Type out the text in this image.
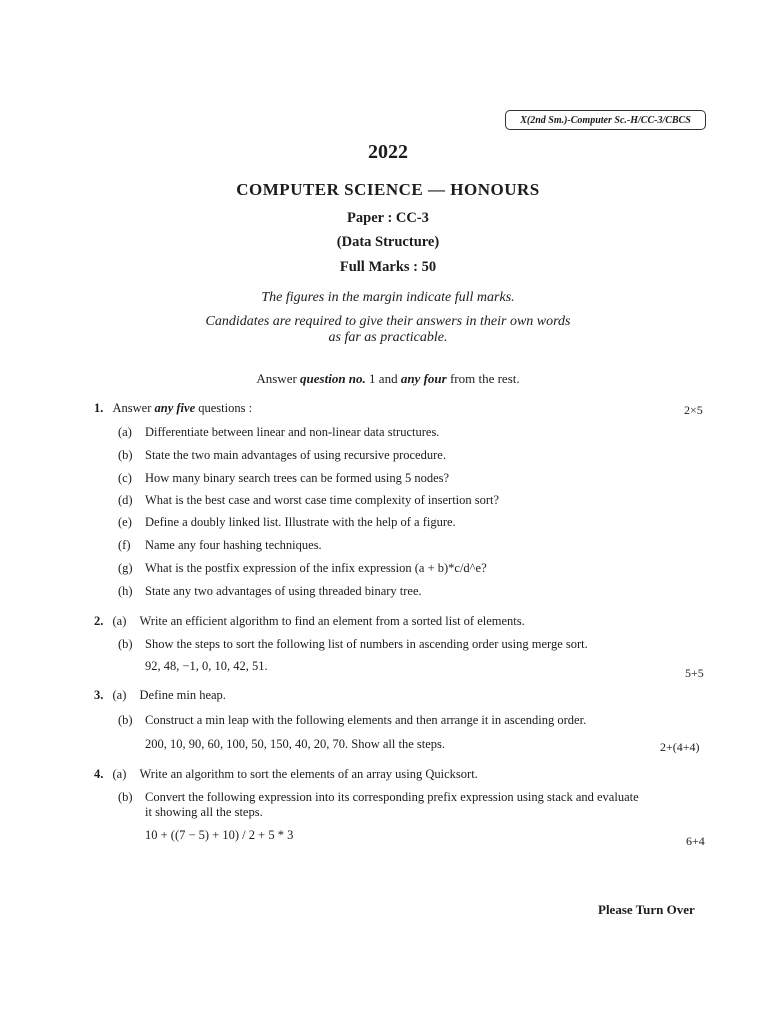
X(2nd Sm.)-Computer Sc.-H/CC-3/CBCS
2022
COMPUTER SCIENCE — HONOURS
Paper : CC-3
(Data Structure)
Full Marks : 50
The figures in the margin indicate full marks.
Candidates are required to give their answers in their own words
as far as practicable.
Answer question no. 1 and any four from the rest.
1. Answer any five questions :	2×5
(a) Differentiate between linear and non-linear data structures.
(b) State the two main advantages of using recursive procedure.
(c) How many binary search trees can be formed using 5 nodes?
(d) What is the best case and worst case time complexity of insertion sort?
(e) Define a doubly linked list. Illustrate with the help of a figure.
(f) Name any four hashing techniques.
(g) What is the postfix expression of the infix expression (a + b)*c/d^e?
(h) State any two advantages of using threaded binary tree.
2. (a) Write an efficient algorithm to find an element from a sorted list of elements.
(b) Show the steps to sort the following list of numbers in ascending order using merge sort.
92, 48, −1, 0, 10, 42, 51.	5+5
3. (a) Define min heap.
(b) Construct a min leap with the following elements and then arrange it in ascending order.
200, 10, 90, 60, 100, 50, 150, 40, 20, 70. Show all the steps.	2+(4+4)
4. (a) Write an algorithm to sort the elements of an array using Quicksort.
(b) Convert the following expression into its corresponding prefix expression using stack and evaluate
it showing all the steps.
10 + ((7 − 5) + 10) / 2 + 5 * 3	6+4
Please Turn Over
